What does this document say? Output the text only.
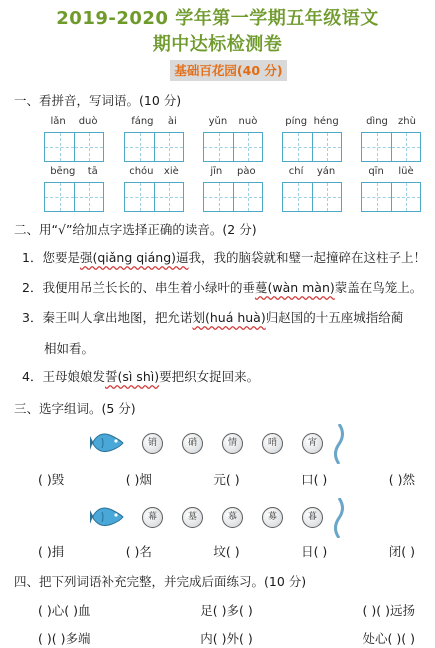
2019-2020 学年第一学期五年级语文
期中达标检测卷
基础百花园(40 分)
一、看拼音，写词语。(10 分)
lǎn duò	fáng ài	yǔn nuò	píng héng	dìng zhù
bēng tā	chóu xiè	jīn pào	chí yán	qīn lüè
二、用“√”给加点字选择正确的读音。(2 分)
1．您要是强(qiǎng qiáng)逼我，我的脑袋就和璧一起撞碎在这柱子上！
2．我便用吊兰长长的、串生着小绿叶的垂蔓(wàn màn)蒙盖在鸟笼上。
3．秦王叫人拿出地图，把允诺划(huá huà)归赵国的十五座城指给蔺
相如看。
4．王母娘娘发誓(sì shì)要把织女捉回来。
三、选字组词。(5 分)
销	硝	情	哨	宵
( )毁	( )烟	元( )	口( )	( )然
幕	墓	慕	募	暮
( )捐	( )名	坟( )	日( )	闭( )
四、把下列词语补充完整，并完成后面练习。(10 分)
( )心( )血	足( )多( )	( )( )远扬
( )( )多端	内( )外( )	处心( )( )
